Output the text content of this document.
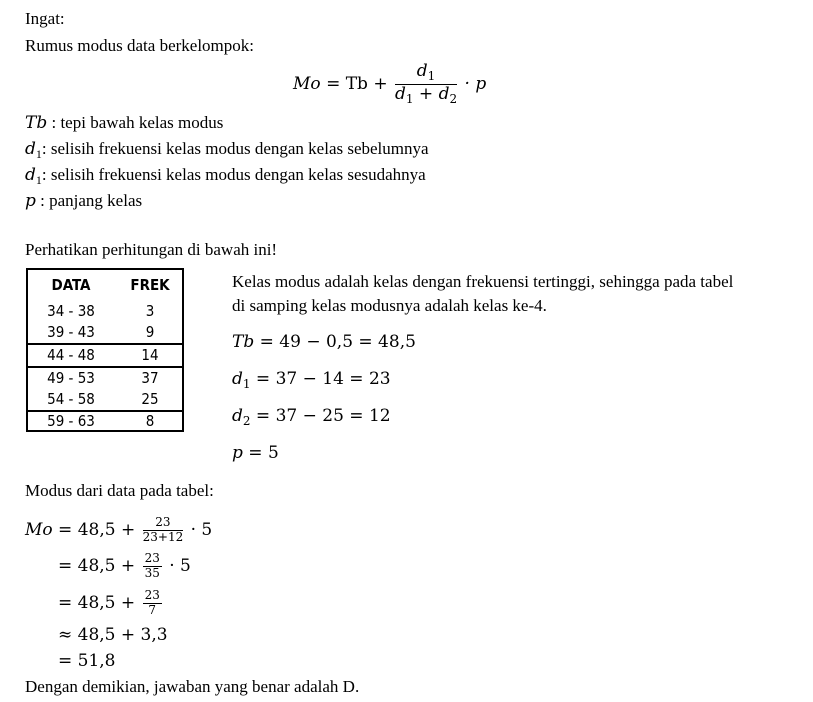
Ingat:
Rumus modus data berkelompok:
$Mo = Tb + \frac{d_1}{d_1 + d_2} \cdot p$
Tb : tepi bawah kelas modus
$d_1$: selisih frekuensi kelas modus dengan kelas sebelumnya
$d_1$: selisih frekuensi kelas modus dengan kelas sesudahnya
p : panjang kelas
Perhatikan perhitungan di bawah ini!
DATA	FREK
34 - 38	3
39 - 43	9
44 - 48	14
49 - 53	37
54 - 58	25
59 - 63	8
Kelas modus adalah kelas dengan frekuensi tertinggi, sehingga pada tabel
di samping kelas modusnya adalah kelas ke-4.
Tb = 49 − 0,5 = 48,5
$d_1 = 37 - 14 = 23$
$d_2 = 37 - 25 = 12$
p = 5
Modus dari data pada tabel:
$Mo = 48,5 + \frac{23}{23+12} \cdot 5$
= $48,5 + \frac{23}{35} \cdot 5$
= $48,5 + \frac{23}{7}$
≈ 48,5 + 3,3
= 51,8
Dengan demikian, jawaban yang benar adalah D.
